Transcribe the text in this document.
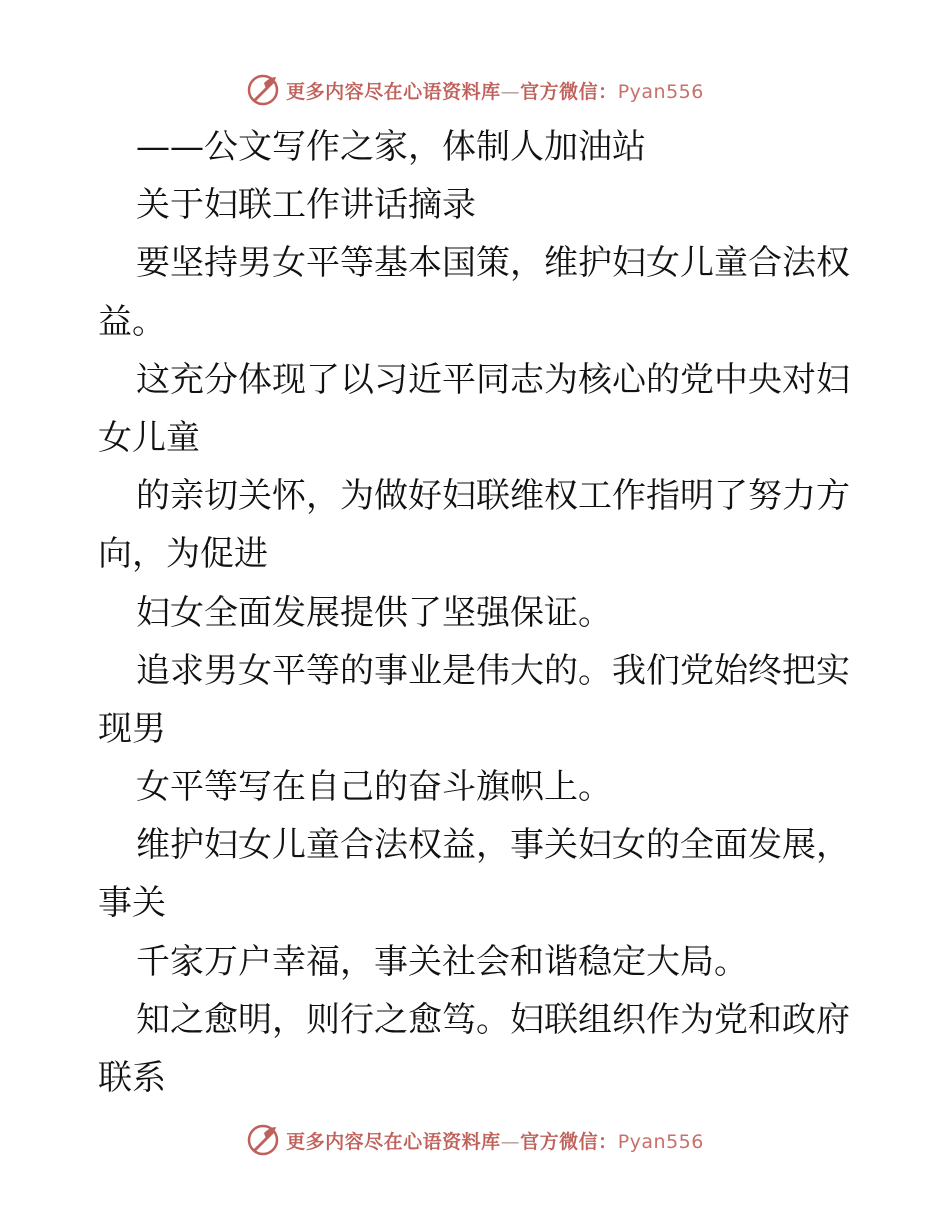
更多内容尽在心语资料库—官方微信：Pyan556
——公文写作之家，体制人加油站
关于妇联工作讲话摘录
要坚持男女平等基本国策，维护妇女儿童合法权
益。
这充分体现了以习近平同志为核心的党中央对妇
女儿童
的亲切关怀，为做好妇联维权工作指明了努力方
向，为促进
妇女全面发展提供了坚强保证。
追求男女平等的事业是伟大的。我们党始终把实
现男
女平等写在自己的奋斗旗帜上。
维护妇女儿童合法权益，事关妇女的全面发展，
事关
千家万户幸福，事关社会和谐稳定大局。
知之愈明，则行之愈笃。妇联组织作为党和政府
联系
更多内容尽在心语资料库—官方微信：Pyan556
